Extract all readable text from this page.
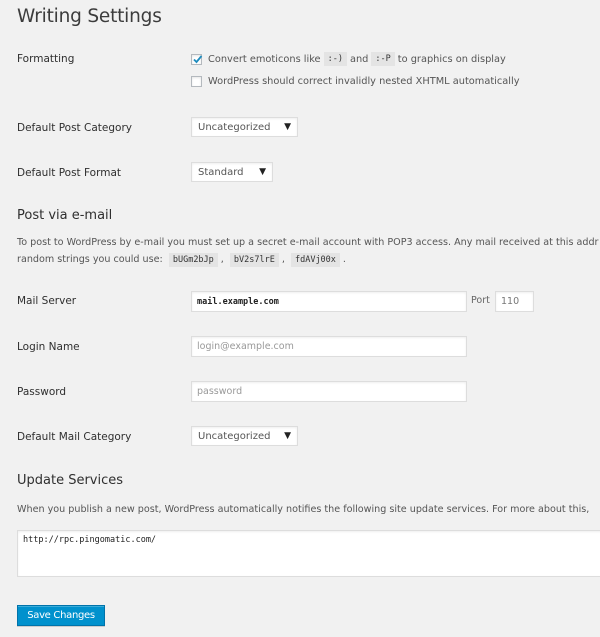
Writing Settings
Formatting	Convert emoticons like :-) and :-P to graphics on display
WordPress should correct invalidly nested XHTML automatically
Default Post Category	Uncategorized ▼
Default Post Format	Standard ▼
Post via e-mail
To post to WordPress by e-mail you must set up a secret e-mail account with POP3 access. Any mail received at this addr
random strings you could use: bUGm2bJp , bV2s7lrE , fdAVj00x .
Mail Server	mail.example.com	Port	110
Login Name	login@example.com
Password	password
Default Mail Category	Uncategorized ▼
Update Services
When you publish a new post, WordPress automatically notifies the following site update services. For more about this,
http://rpc.pingomatic.com/
Save Changes
